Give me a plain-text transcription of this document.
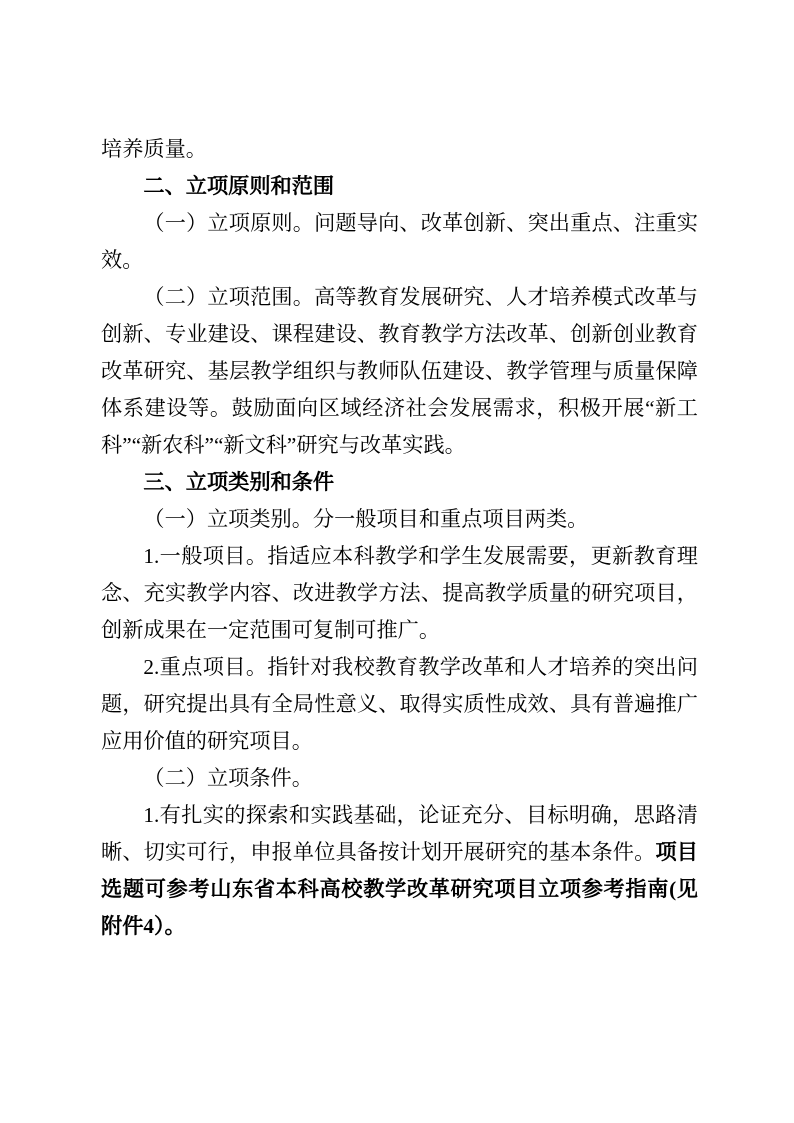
培养质量。

二、立项原则和范围

（一）立项原则。问题导向、改革创新、突出重点、注重实效。

（二）立项范围。高等教育发展研究、人才培养模式改革与创新、专业建设、课程建设、教育教学方法改革、创新创业教育改革研究、基层教学组织与教师队伍建设、教学管理与质量保障体系建设等。鼓励面向区域经济社会发展需求，积极开展“新工科”“新农科”“新文科”研究与改革实践。

三、立项类别和条件

（一）立项类别。分一般项目和重点项目两类。

1.一般项目。指适应本科教学和学生发展需要，更新教育理念、充实教学内容、改进教学方法、提高教学质量的研究项目，创新成果在一定范围可复制可推广。

2.重点项目。指针对我校教育教学改革和人才培养的突出问题，研究提出具有全局性意义、取得实质性成效、具有普遍推广应用价值的研究项目。

（二）立项条件。

1.有扎实的探索和实践基础，论证充分、目标明确，思路清晰、切实可行，申报单位具备按计划开展研究的基本条件。项目选题可参考山东省本科高校教学改革研究项目立项参考指南(见附件4）。
